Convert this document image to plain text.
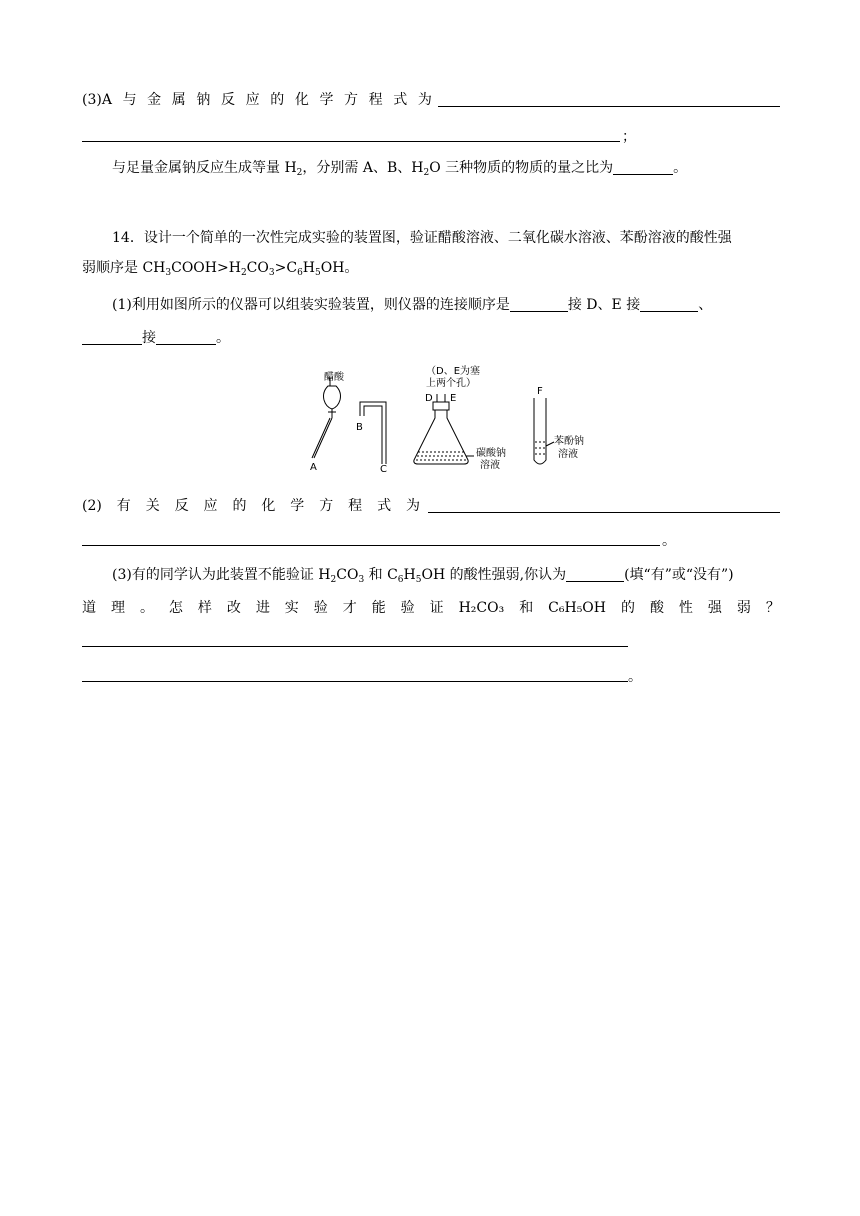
(3)A 与 金 属 钠 反 应 的 化 学 方 程 式 为
；
与足量金属钠反应生成等量 $H_2$，分别需 A、B、$H_2O$ 三种物质的物质的量之比为	。
14．设计一个简单的一次性完成实验的装置图，验证醋酸溶液、二氧化碳水溶液、苯酚溶液的酸性强
弱顺序是 $CH_3COOH>H_2CO_3>C_6H_5OH$。
(1)利用如图所示的仪器可以组装实验装置，则仪器的连接顺序是	接 D、E 接	、
接	。
醋酸
A
B
C
（D、E为塞
上两个孔）
D E
碳酸钠
溶液
F
苯酚钠
溶液
(2) 有 关 反 应 的 化 学 方 程 式 为
。
(3)有的同学认为此装置不能验证 $H_2CO_3$ 和 $C_6H_5OH$ 的酸性强弱,你认为	(填“有”或“没有”)
道 理 。 怎 样 改 进 实 验 才 能 验 证 H₂CO₃ 和 C₆H₅OH 的 酸 性 强 弱 ？
。
